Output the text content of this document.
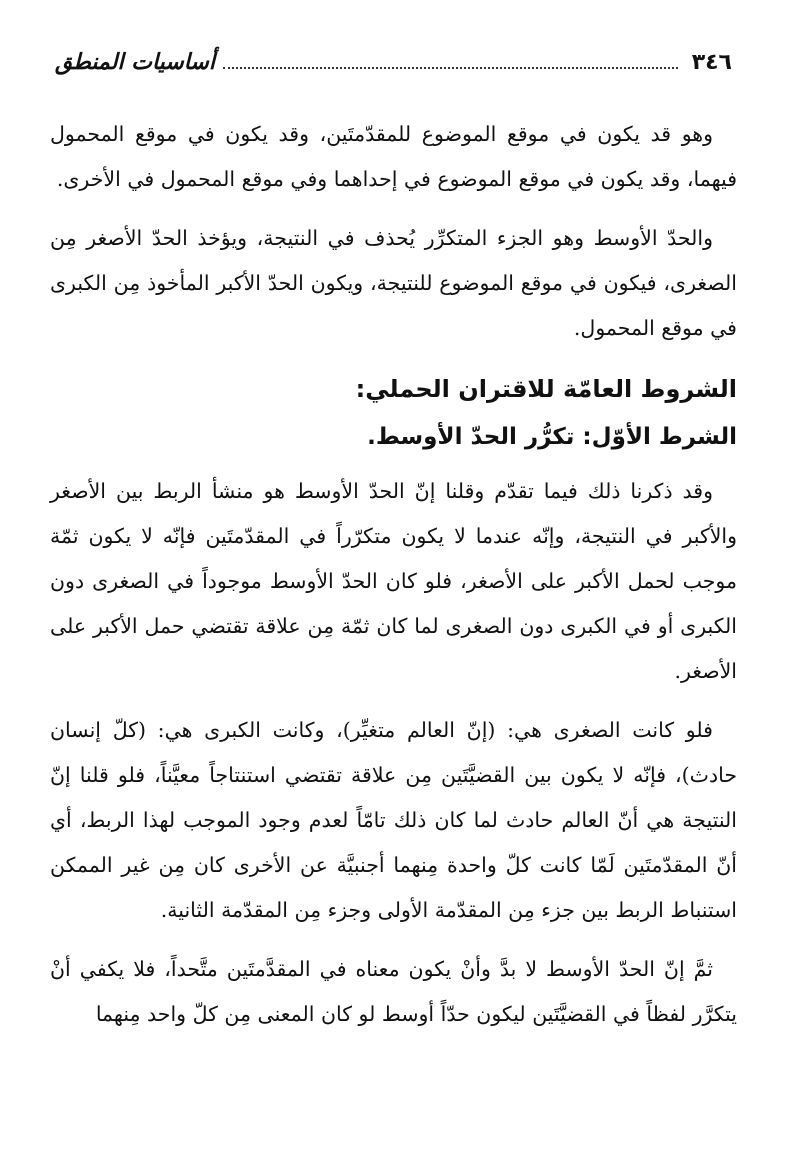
٣٤٦
أساسيات المنطق

وهو قد يكون في موقع الموضوع للمقدّمتَين، وقد يكون في موقع المحمول فيهما، وقد يكون في موقع الموضوع في إحداهما وفي موقع المحمول في الأخرى.

والحدّ الأوسط وهو الجزء المتكرِّر يُحذف في النتيجة، ويؤخذ الحدّ الأصغر مِن الصغرى، فيكون في موقع الموضوع للنتيجة، ويكون الحدّ الأكبر المأخوذ مِن الكبرى في موقع المحمول.

الشروط العامّة للاقتران الحملي:
الشرط الأوّل: تكرُّر الحدّ الأوسط.

وقد ذكرنا ذلك فيما تقدّم وقلنا إنّ الحدّ الأوسط هو منشأ الربط بين الأصغر والأكبر في النتيجة، وإنّه عندما لا يكون متكرّراً في المقدّمتَين فإنّه لا يكون ثمّة موجب لحمل الأكبر على الأصغر، فلو كان الحدّ الأوسط موجوداً في الصغرى دون الكبرى أو في الكبرى دون الصغرى لما كان ثمّة مِن علاقة تقتضي حمل الأكبر على الأصغر.

فلو كانت الصغرى هي: (إنّ العالم متغيِّر)، وكانت الكبرى هي: (كلّ إنسان حادث)، فإنّه لا يكون بين القضيَّتَين مِن علاقة تقتضي استنتاجاً معيَّناً، فلو قلنا إنّ النتيجة هي أنّ العالم حادث لما كان ذلك تامّاً لعدم وجود الموجب لهذا الربط، أي أنّ المقدّمتَين لَمّا كانت كلّ واحدة مِنهما أجنبيَّة عن الأخرى كان مِن غير الممكن استنباط الربط بين جزء مِن المقدّمة الأولى وجزء مِن المقدّمة الثانية.

ثمَّ إنّ الحدّ الأوسط لا بدَّ وأنْ يكون معناه في المقدَّمتَين متَّحداً، فلا يكفي أنْ يتكرَّر لفظاً في القضيَّتَين ليكون حدّاً أوسط لو كان المعنى مِن كلّ واحد مِنهما
